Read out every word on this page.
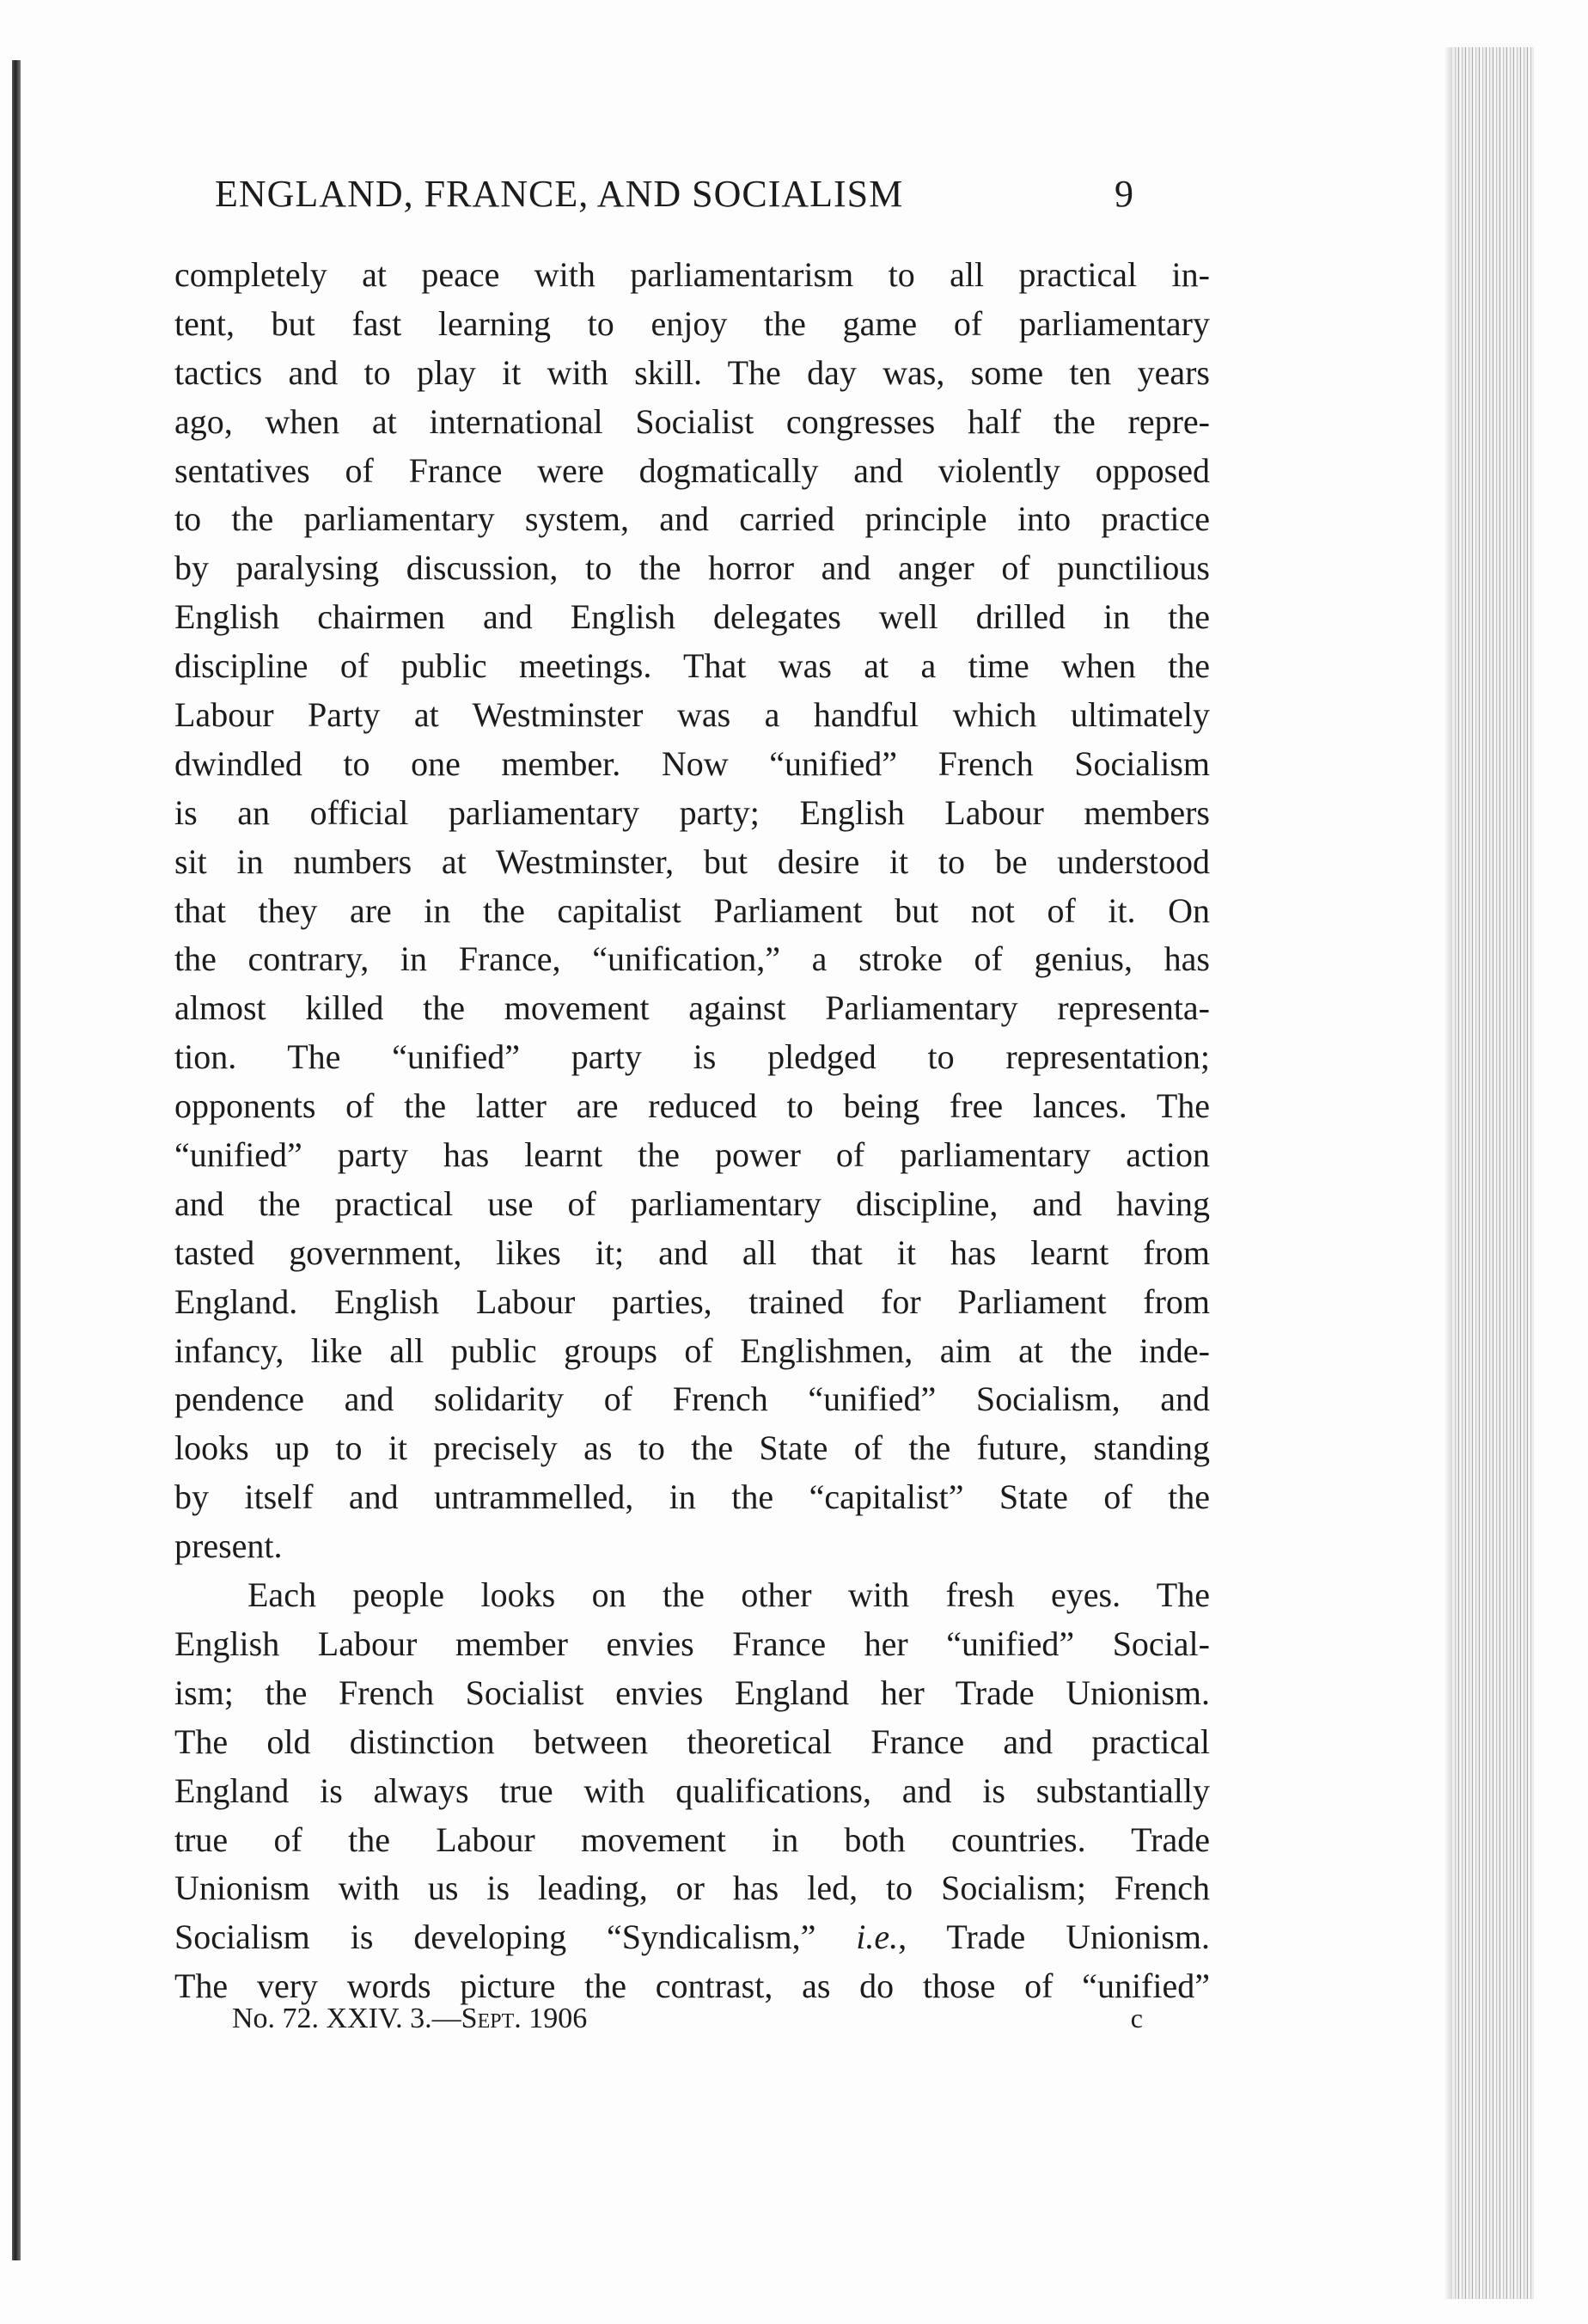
ENGLAND, FRANCE, AND SOCIALISM	9
completely at peace with parliamentarism to all practical in-
tent, but fast learning to enjoy the game of parliamentary
tactics and to play it with skill. The day was, some ten years
ago, when at international Socialist congresses half the repre-
sentatives of France were dogmatically and violently opposed
to the parliamentary system, and carried principle into practice
by paralysing discussion, to the horror and anger of punctilious
English chairmen and English delegates well drilled in the
discipline of public meetings. That was at a time when the
Labour Party at Westminster was a handful which ultimately
dwindled to one member. Now “unified” French Socialism
is an official parliamentary party; English Labour members
sit in numbers at Westminster, but desire it to be understood
that they are in the capitalist Parliament but not of it. On
the contrary, in France, “unification,” a stroke of genius, has
almost killed the movement against Parliamentary representa-
tion. The “unified” party is pledged to representation;
opponents of the latter are reduced to being free lances. The
“unified” party has learnt the power of parliamentary action
and the practical use of parliamentary discipline, and having
tasted government, likes it; and all that it has learnt from
England. English Labour parties, trained for Parliament from
infancy, like all public groups of Englishmen, aim at the inde-
pendence and solidarity of French “unified” Socialism, and
looks up to it precisely as to the State of the future, standing
by itself and untrammelled, in the “capitalist” State of the
present.
Each people looks on the other with fresh eyes. The
English Labour member envies France her “unified” Social-
ism; the French Socialist envies England her Trade Unionism.
The old distinction between theoretical France and practical
England is always true with qualifications, and is substantially
true of the Labour movement in both countries. Trade
Unionism with us is leading, or has led, to Socialism; French
Socialism is developing “Syndicalism,” i.e., Trade Unionism.
The very words picture the contrast, as do those of “unified”
No. 72. XXIV. 3.—Sept. 1906	c
